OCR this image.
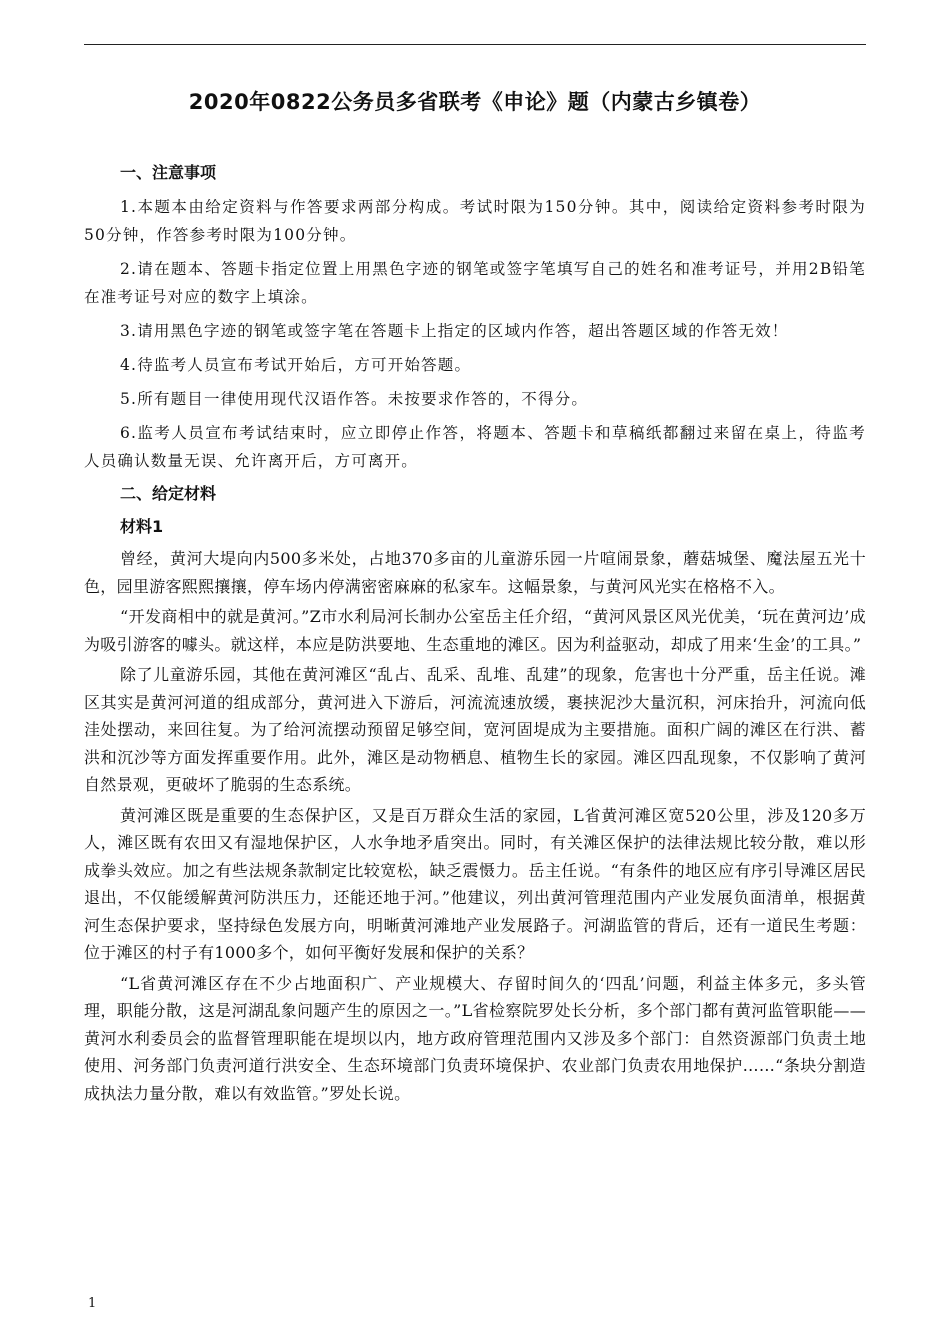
2020年0822公务员多省联考《申论》题（内蒙古乡镇卷）
一、注意事项

1.本题本由给定资料与作答要求两部分构成。考试时限为150分钟。其中，阅读给定资料参考时限为50分钟，作答参考时限为100分钟。

2.请在题本、答题卡指定位置上用黑色字迹的钢笔或签字笔填写自己的姓名和准考证号，并用2B铅笔在准考证号对应的数字上填涂。

3.请用黑色字迹的钢笔或签字笔在答题卡上指定的区域内作答，超出答题区域的作答无效！

4.待监考人员宣布考试开始后，方可开始答题。

5.所有题目一律使用现代汉语作答。未按要求作答的，不得分。

6.监考人员宣布考试结束时，应立即停止作答，将题本、答题卡和草稿纸都翻过来留在桌上，待监考人员确认数量无误、允许离开后，方可离开。

二、给定材料
材料1

曾经，黄河大堤向内500多米处，占地370多亩的儿童游乐园一片喧闹景象，蘑菇城堡、魔法屋五光十色，园里游客熙熙攘攘，停车场内停满密密麻麻的私家车。这幅景象，与黄河风光实在格格不入。

“开发商相中的就是黄河。”Z市水利局河长制办公室岳主任介绍，“黄河风景区风光优美，‘玩在黄河边’成为吸引游客的噱头。就这样，本应是防洪要地、生态重地的滩区。因为利益驱动，却成了用来‘生金’的工具。”

除了儿童游乐园，其他在黄河滩区“乱占、乱采、乱堆、乱建”的现象，危害也十分严重，岳主任说。滩区其实是黄河河道的组成部分，黄河进入下游后，河流流速放缓，裹挟泥沙大量沉积，河床抬升，河流向低洼处摆动，来回往复。为了给河流摆动预留足够空间，宽河固堤成为主要措施。面积广阔的滩区在行洪、蓄洪和沉沙等方面发挥重要作用。此外，滩区是动物栖息、植物生长的家园。滩区四乱现象，不仅影响了黄河自然景观，更破坏了脆弱的生态系统。

黄河滩区既是重要的生态保护区，又是百万群众生活的家园，L省黄河滩区宽520公里，涉及120多万人，滩区既有农田又有湿地保护区，人水争地矛盾突出。同时，有关滩区保护的法律法规比较分散，难以形成拳头效应。加之有些法规条款制定比较宽松，缺乏震慑力。岳主任说。“有条件的地区应有序引导滩区居民退出，不仅能缓解黄河防洪压力，还能还地于河。”他建议，列出黄河管理范围内产业发展负面清单，根据黄河生态保护要求，坚持绿色发展方向，明晰黄河滩地产业发展路子。河湖监管的背后，还有一道民生考题：位于滩区的村子有1000多个，如何平衡好发展和保护的关系？

“L省黄河滩区存在不少占地面积广、产业规模大、存留时间久的‘四乱’问题，利益主体多元，多头管理，职能分散，这是河湖乱象问题产生的原因之一。”L省检察院罗处长分析，多个部门都有黄河监管职能——黄河水利委员会的监督管理职能在堤坝以内，地方政府管理范围内又涉及多个部门：自然资源部门负责土地使用、河务部门负责河道行洪安全、生态环境部门负责环境保护、农业部门负责农用地保护……“条块分割造成执法力量分散，难以有效监管。”罗处长说。

1
